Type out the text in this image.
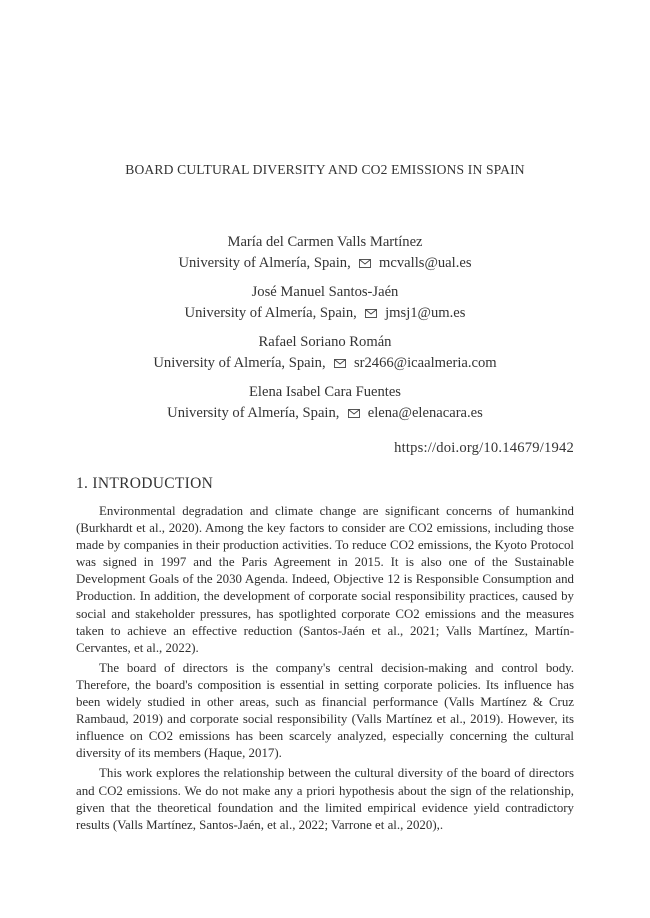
BOARD CULTURAL DIVERSITY AND CO2 EMISSIONS IN SPAIN
María del Carmen Valls Martínez
University of Almería, Spain, mcvalls@ual.es
José Manuel Santos-Jaén
University of Almería, Spain, jmsj1@um.es
Rafael Soriano Román
University of Almería, Spain, sr2466@icaalmeria.com
Elena Isabel Cara Fuentes
University of Almería, Spain, elena@elenacara.es
https://doi.org/10.14679/1942
1. INTRODUCTION

Environmental degradation and climate change are significant concerns of humankind (Burkhardt et al., 2020). Among the key factors to consider are CO2 emissions, including those made by companies in their production activities. To reduce CO2 emissions, the Kyoto Protocol was signed in 1997 and the Paris Agreement in 2015. It is also one of the Sustainable Development Goals of the 2030 Agenda. Indeed, Objective 12 is Responsible Consumption and Production. In addition, the development of corporate social responsibility practices, caused by social and stakeholder pressures, has spotlighted corporate CO2 emissions and the measures taken to achieve an effective reduction (Santos-Jaén et al., 2021; Valls Martínez, Martín-Cervantes, et al., 2022).

The board of directors is the company's central decision-making and control body. Therefore, the board's composition is essential in setting corporate policies. Its influence has been widely studied in other areas, such as financial performance (Valls Martínez & Cruz Rambaud, 2019) and corporate social responsibility (Valls Martínez et al., 2019). However, its influence on CO2 emissions has been scarcely analyzed, especially concerning the cultural diversity of its members (Haque, 2017).

This work explores the relationship between the cultural diversity of the board of directors and CO2 emissions. We do not make any a priori hypothesis about the sign of the relationship, given that the theoretical foundation and the limited empirical evidence yield contradictory results (Valls Martínez, Santos-Jaén, et al., 2022; Varrone et al., 2020),.
